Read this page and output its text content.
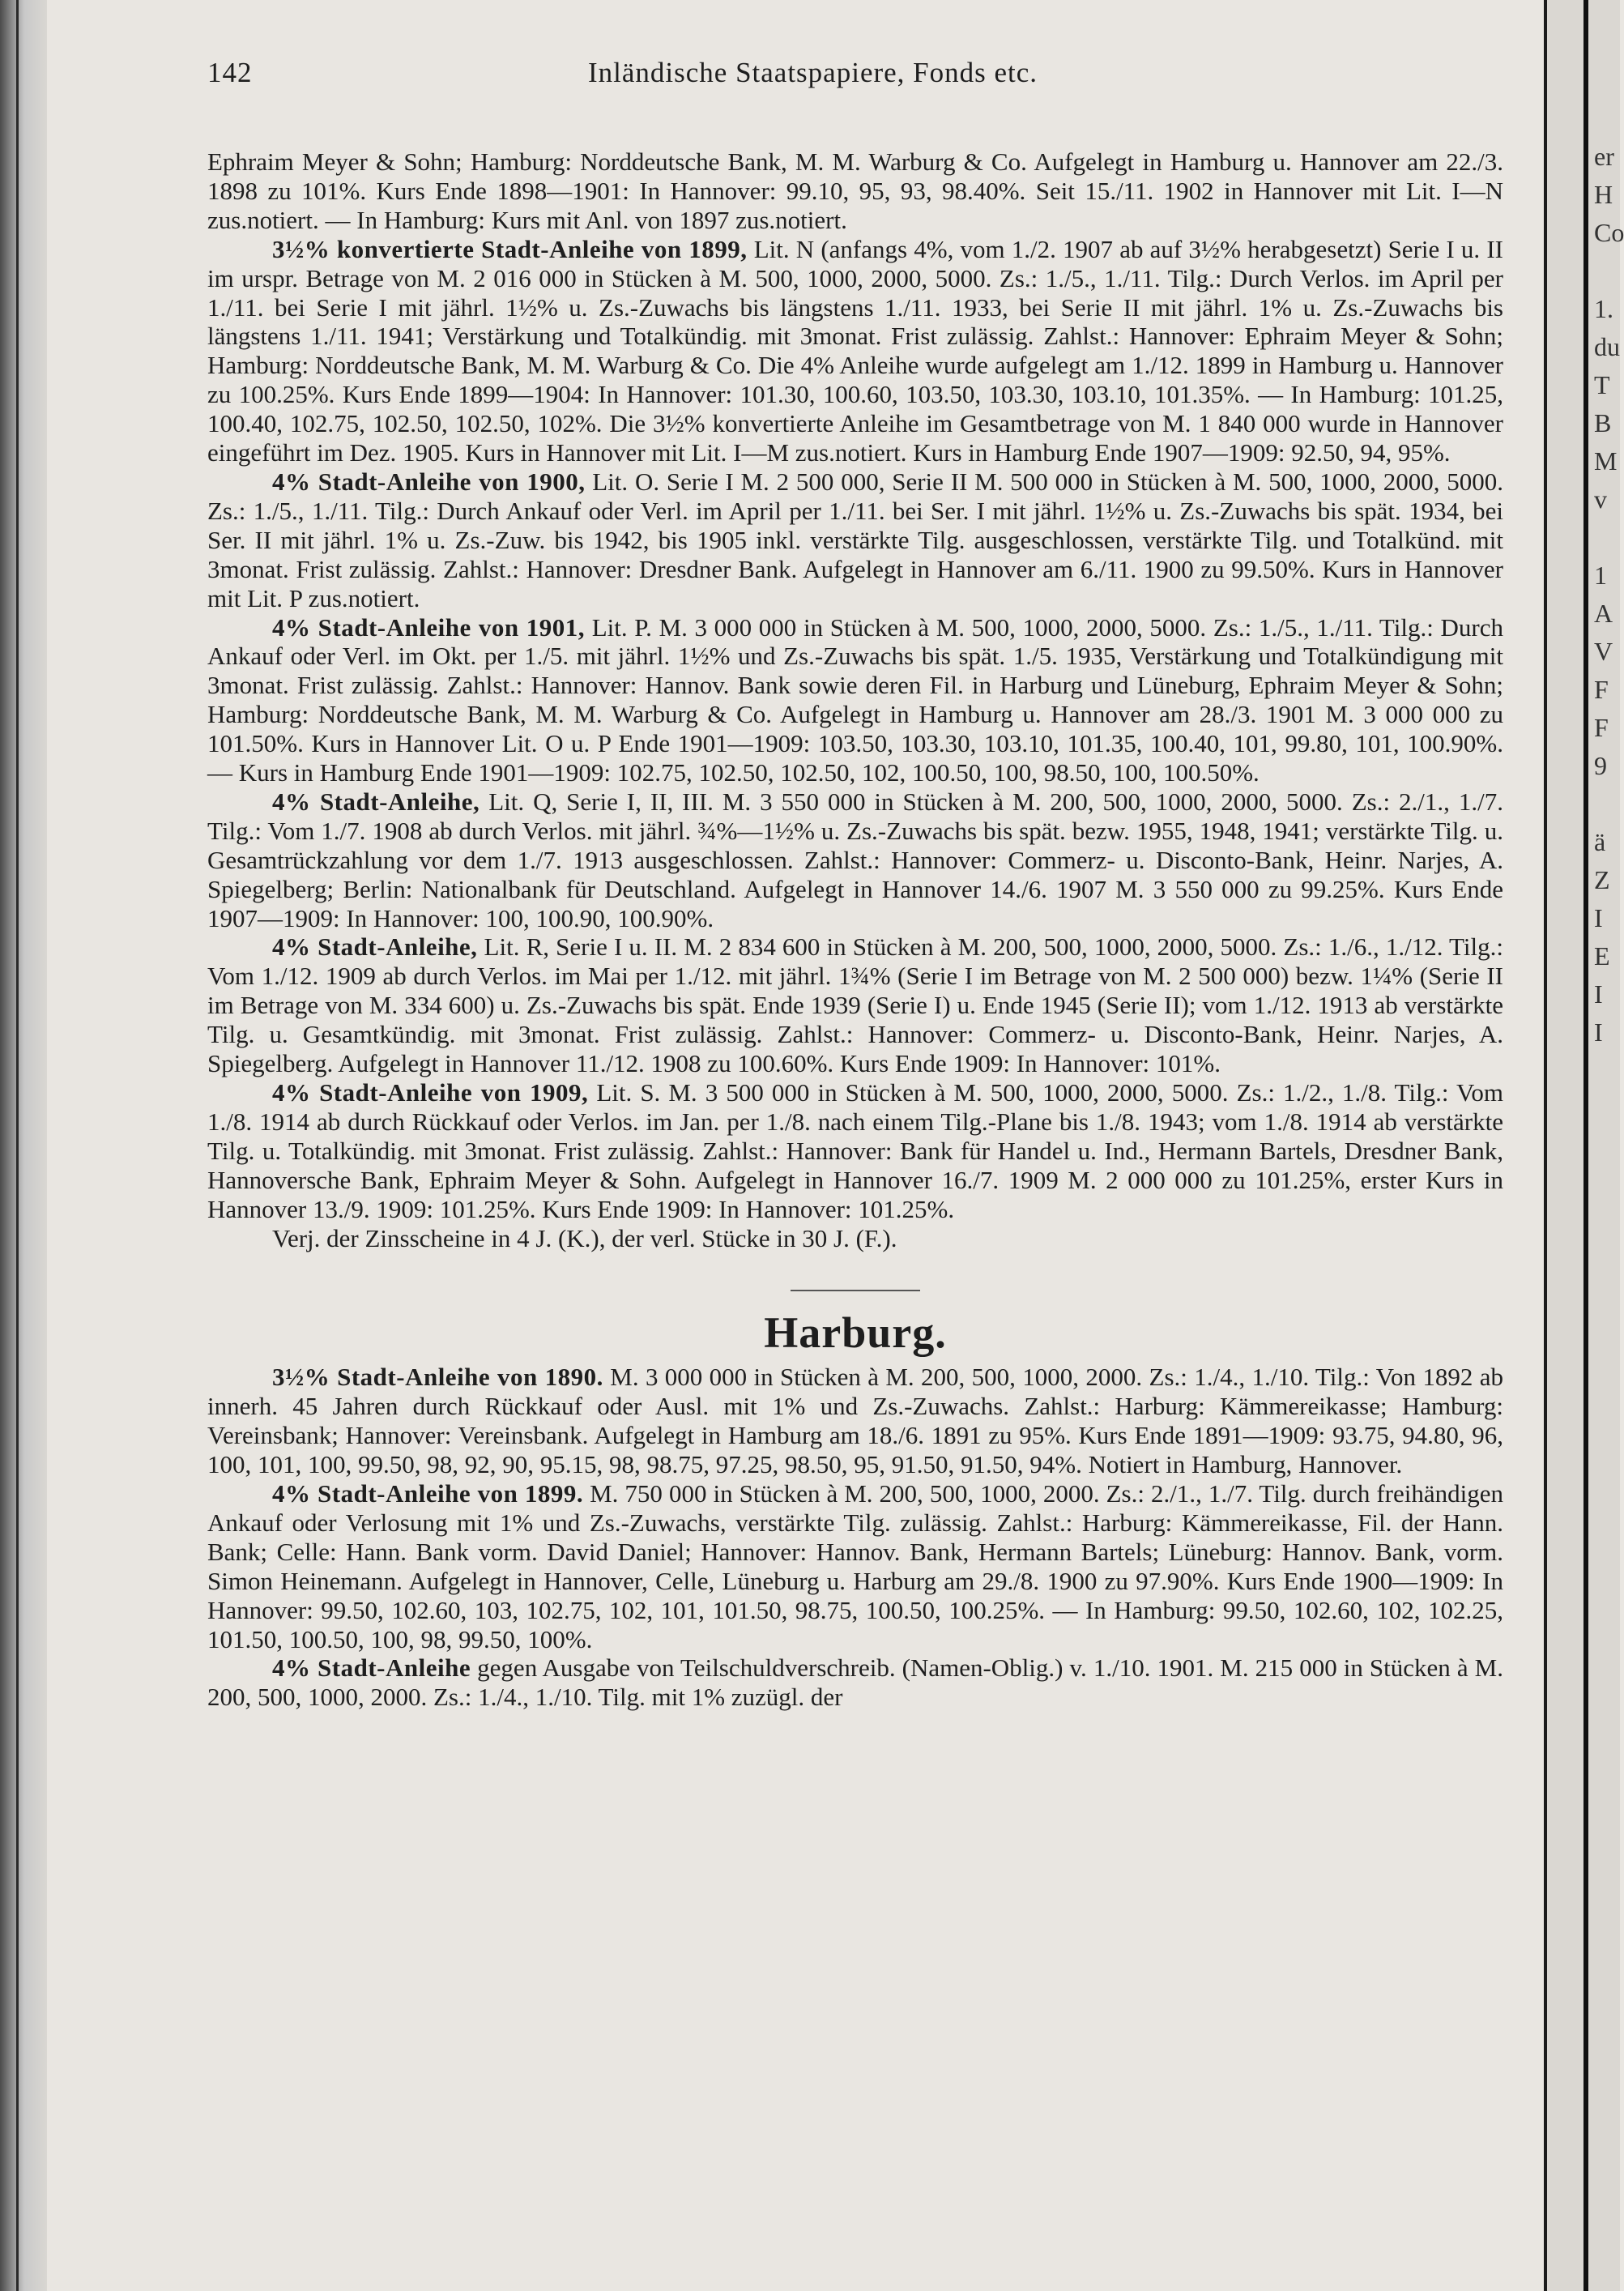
er
H
Co

1.
du
T
B
M
v

1
A
V
F
F
9

ä
Z
I
E
I
I
142	Inländische Staatspapiere, Fonds etc.

Ephraim Meyer & Sohn; Hamburg: Norddeutsche Bank, M. M. Warburg & Co. Aufgelegt in Hamburg u. Hannover am 22./3. 1898 zu 101%. Kurs Ende 1898—1901: In Hannover: 99.10, 95, 93, 98.40%. Seit 15./11. 1902 in Hannover mit Lit. I—N zus.notiert. — In Hamburg: Kurs mit Anl. von 1897 zus.notiert.

3½% konvertierte Stadt-Anleihe von 1899, Lit. N (anfangs 4%, vom 1./2. 1907 ab auf 3½% herabgesetzt) Serie I u. II im urspr. Betrage von M. 2 016 000 in Stücken à M. 500, 1000, 2000, 5000. Zs.: 1./5., 1./11. Tilg.: Durch Verlos. im April per 1./11. bei Serie I mit jährl. 1½% u. Zs.-Zuwachs bis längstens 1./11. 1933, bei Serie II mit jährl. 1% u. Zs.-Zuwachs bis längstens 1./11. 1941; Verstärkung und Totalkündig. mit 3monat. Frist zulässig. Zahlst.: Hannover: Ephraim Meyer & Sohn; Hamburg: Norddeutsche Bank, M. M. Warburg & Co. Die 4% Anleihe wurde aufgelegt am 1./12. 1899 in Hamburg u. Hannover zu 100.25%. Kurs Ende 1899—1904: In Hannover: 101.30, 100.60, 103.50, 103.30, 103.10, 101.35%. — In Hamburg: 101.25, 100.40, 102.75, 102.50, 102.50, 102%. Die 3½% konvertierte Anleihe im Gesamtbetrage von M. 1 840 000 wurde in Hannover eingeführt im Dez. 1905. Kurs in Hannover mit Lit. I—M zus.notiert. Kurs in Hamburg Ende 1907—1909: 92.50, 94, 95%.

4% Stadt-Anleihe von 1900, Lit. O. Serie I M. 2 500 000, Serie II M. 500 000 in Stücken à M. 500, 1000, 2000, 5000. Zs.: 1./5., 1./11. Tilg.: Durch Ankauf oder Verl. im April per 1./11. bei Ser. I mit jährl. 1½% u. Zs.-Zuwachs bis spät. 1934, bei Ser. II mit jährl. 1% u. Zs.-Zuw. bis 1942, bis 1905 inkl. verstärkte Tilg. ausgeschlossen, verstärkte Tilg. und Totalkünd. mit 3monat. Frist zulässig. Zahlst.: Hannover: Dresdner Bank. Aufgelegt in Hannover am 6./11. 1900 zu 99.50%. Kurs in Hannover mit Lit. P zus.notiert.

4% Stadt-Anleihe von 1901, Lit. P. M. 3 000 000 in Stücken à M. 500, 1000, 2000, 5000. Zs.: 1./5., 1./11. Tilg.: Durch Ankauf oder Verl. im Okt. per 1./5. mit jährl. 1½% und Zs.-Zuwachs bis spät. 1./5. 1935, Verstärkung und Totalkündigung mit 3monat. Frist zulässig. Zahlst.: Hannover: Hannov. Bank sowie deren Fil. in Harburg und Lüneburg, Ephraim Meyer & Sohn; Hamburg: Norddeutsche Bank, M. M. Warburg & Co. Aufgelegt in Hamburg u. Hannover am 28./3. 1901 M. 3 000 000 zu 101.50%. Kurs in Hannover Lit. O u. P Ende 1901—1909: 103.50, 103.30, 103.10, 101.35, 100.40, 101, 99.80, 101, 100.90%. — Kurs in Hamburg Ende 1901—1909: 102.75, 102.50, 102.50, 102, 100.50, 100, 98.50, 100, 100.50%.

4% Stadt-Anleihe, Lit. Q, Serie I, II, III. M. 3 550 000 in Stücken à M. 200, 500, 1000, 2000, 5000. Zs.: 2./1., 1./7. Tilg.: Vom 1./7. 1908 ab durch Verlos. mit jährl. ¾%—1½% u. Zs.-Zuwachs bis spät. bezw. 1955, 1948, 1941; verstärkte Tilg. u. Gesamtrückzahlung vor dem 1./7. 1913 ausgeschlossen. Zahlst.: Hannover: Commerz- u. Disconto-Bank, Heinr. Narjes, A. Spiegelberg; Berlin: Nationalbank für Deutschland. Aufgelegt in Hannover 14./6. 1907 M. 3 550 000 zu 99.25%. Kurs Ende 1907—1909: In Hannover: 100, 100.90, 100.90%.

4% Stadt-Anleihe, Lit. R, Serie I u. II. M. 2 834 600 in Stücken à M. 200, 500, 1000, 2000, 5000. Zs.: 1./6., 1./12. Tilg.: Vom 1./12. 1909 ab durch Verlos. im Mai per 1./12. mit jährl. 1¾% (Serie I im Betrage von M. 2 500 000) bezw. 1¼% (Serie II im Betrage von M. 334 600) u. Zs.-Zuwachs bis spät. Ende 1939 (Serie I) u. Ende 1945 (Serie II); vom 1./12. 1913 ab verstärkte Tilg. u. Gesamtkündig. mit 3monat. Frist zulässig. Zahlst.: Hannover: Commerz- u. Disconto-Bank, Heinr. Narjes, A. Spiegelberg. Aufgelegt in Hannover 11./12. 1908 zu 100.60%. Kurs Ende 1909: In Hannover: 101%.

4% Stadt-Anleihe von 1909, Lit. S. M. 3 500 000 in Stücken à M. 500, 1000, 2000, 5000. Zs.: 1./2., 1./8. Tilg.: Vom 1./8. 1914 ab durch Rückkauf oder Verlos. im Jan. per 1./8. nach einem Tilg.-Plane bis 1./8. 1943; vom 1./8. 1914 ab verstärkte Tilg. u. Totalkündig. mit 3monat. Frist zulässig. Zahlst.: Hannover: Bank für Handel u. Ind., Hermann Bartels, Dresdner Bank, Hannoversche Bank, Ephraim Meyer & Sohn. Aufgelegt in Hannover 16./7. 1909 M. 2 000 000 zu 101.25%, erster Kurs in Hannover 13./9. 1909: 101.25%. Kurs Ende 1909: In Hannover: 101.25%.

Verj. der Zinsscheine in 4 J. (K.), der verl. Stücke in 30 J. (F.).

Harburg.

3½% Stadt-Anleihe von 1890. M. 3 000 000 in Stücken à M. 200, 500, 1000, 2000. Zs.: 1./4., 1./10. Tilg.: Von 1892 ab innerh. 45 Jahren durch Rückkauf oder Ausl. mit 1% und Zs.-Zuwachs. Zahlst.: Harburg: Kämmereikasse; Hamburg: Vereinsbank; Hannover: Vereinsbank. Aufgelegt in Hamburg am 18./6. 1891 zu 95%. Kurs Ende 1891—1909: 93.75, 94.80, 96, 100, 101, 100, 99.50, 98, 92, 90, 95.15, 98, 98.75, 97.25, 98.50, 95, 91.50, 91.50, 94%. Notiert in Hamburg, Hannover.

4% Stadt-Anleihe von 1899. M. 750 000 in Stücken à M. 200, 500, 1000, 2000. Zs.: 2./1., 1./7. Tilg. durch freihändigen Ankauf oder Verlosung mit 1% und Zs.-Zuwachs, verstärkte Tilg. zulässig. Zahlst.: Harburg: Kämmereikasse, Fil. der Hann. Bank; Celle: Hann. Bank vorm. David Daniel; Hannover: Hannov. Bank, Hermann Bartels; Lüneburg: Hannov. Bank, vorm. Simon Heinemann. Aufgelegt in Hannover, Celle, Lüneburg u. Harburg am 29./8. 1900 zu 97.90%. Kurs Ende 1900—1909: In Hannover: 99.50, 102.60, 103, 102.75, 102, 101, 101.50, 98.75, 100.50, 100.25%. — In Hamburg: 99.50, 102.60, 102, 102.25, 101.50, 100.50, 100, 98, 99.50, 100%.

4% Stadt-Anleihe gegen Ausgabe von Teilschuldverschreib. (Namen-Oblig.) v. 1./10. 1901. M. 215 000 in Stücken à M. 200, 500, 1000, 2000. Zs.: 1./4., 1./10. Tilg. mit 1% zuzügl. der
